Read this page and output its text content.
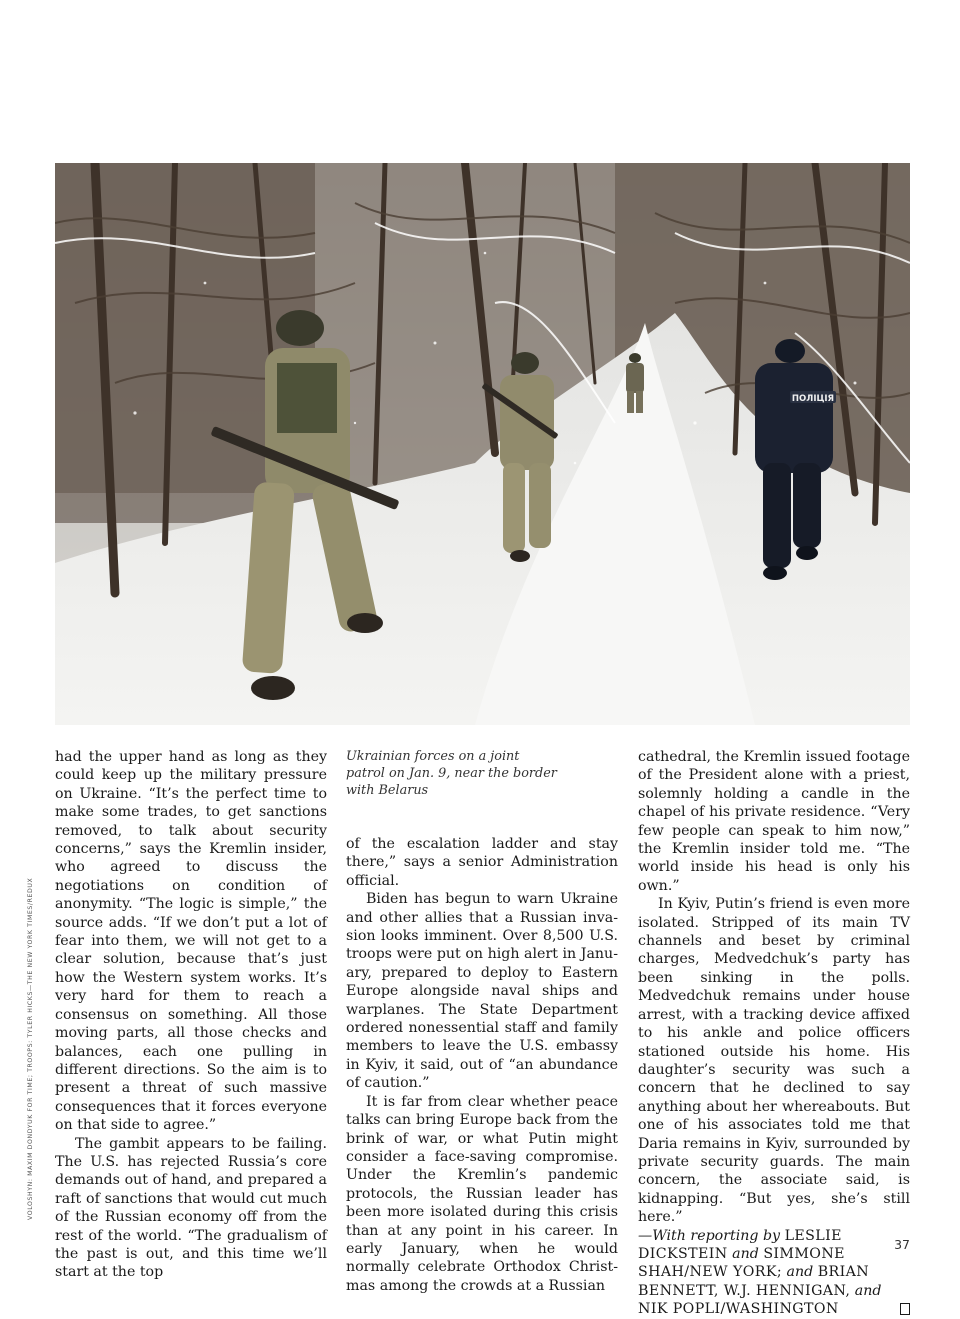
ПОЛІЦІЯ
VOLOSHYN: MAXIM DONDYUK FOR TIME; TROOPS: TYLER HICKS—THE NEW YORK TIMES/REDUX

had the upper hand as long as they could keep up the military pressure on Ukraine. “It’s the perfect time to make some trades, to get sanctions removed, to talk about security concerns,” says the Kremlin insider, who agreed to discuss the negotiations on condition of anonymity. “The logic is simple,” the source adds. “If we don’t put a lot of fear into them, we will not get to a clear solution, because that’s just how the Western system works. It’s very hard for them to reach a consensus on something. All those moving parts, all those checks and balances, each one pulling in different directions. So the aim is to present a threat of such massive consequences that it forces everyone on that side to agree.”

The gambit appears to be failing. The U.S. has rejected Russia’s core demands out of hand, and prepared a raft of sanctions that would cut much of the Russian economy off from the rest of the world. “The gradualism of the past is out, and this time we’ll start at the top

Ukrainian forces on a joint patrol on Jan. 9, near the border with Belarus

of the escalation ladder and stay there,” says a senior Administration official.

Biden has begun to warn Ukraine and other allies that a Russian invasion looks imminent. Over 8,500 U.S. troops were put on high alert in January, prepared to deploy to Eastern Europe alongside naval ships and warplanes. The State Department ordered nonessential staff and family members to leave the U.S. embassy in Kyiv, it said, out of “an abundance of caution.”

It is far from clear whether peace talks can bring Europe back from the brink of war, or what Putin might consider a face-saving compromise. Under the Kremlin’s pandemic protocols, the Russian leader has been more isolated during this crisis than at any point in his career. In early January, when he would normally celebrate Orthodox Christmas among the crowds at a Russian

cathedral, the Kremlin issued footage of the President alone with a priest, solemnly holding a candle in the chapel of his private residence. “Very few people can speak to him now,” the Kremlin insider told me. “The world inside his head is only his own.”

In Kyiv, Putin’s friend is even more isolated. Stripped of its main TV channels and beset by criminal charges, Medvedchuk’s party has been sinking in the polls. Medvedchuk remains under house arrest, with a tracking device affixed to his ankle and police officers stationed outside his home. His daughter’s security was such a concern that he declined to say anything about her whereabouts. But one of his associates told me that Daria remains in Kyiv, surrounded by private security guards. The main concern, the associate said, is kidnapping. “But yes, she’s still here.”

—With reporting by LESLIE DICKSTEIN and SIMMONE SHAH/NEW YORK; and BRIAN BENNETT, W.J. HENNIGAN, and NIK POPLI/WASHINGTON

37
